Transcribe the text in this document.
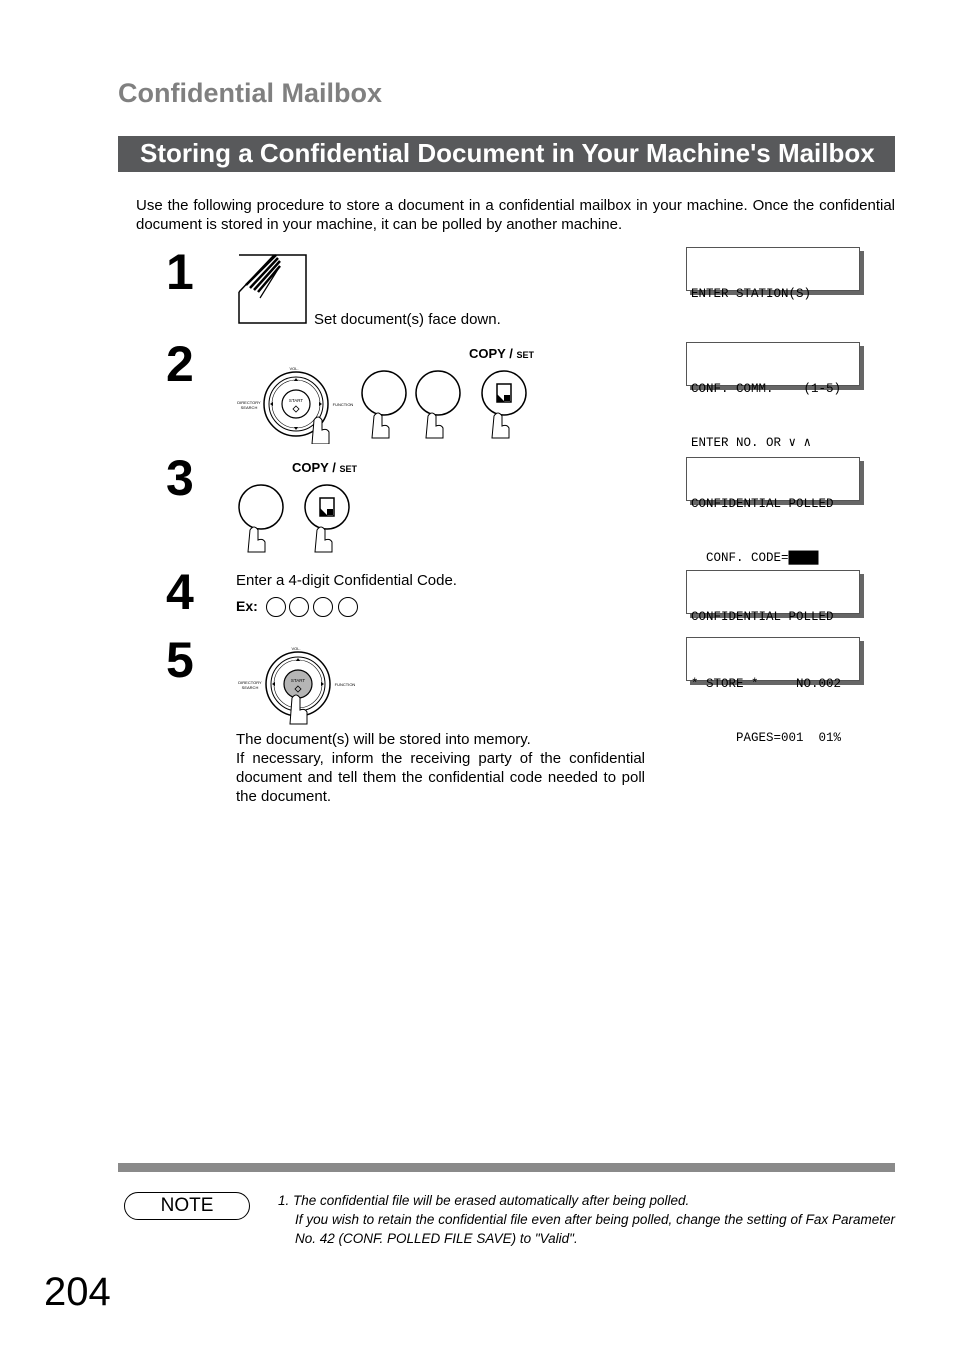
Confidential Mailbox
Storing a Confidential Document in Your Machine's Mailbox
Use the following procedure to store a document in a confidential mailbox in your machine. Once the confidential document is stored in your machine, it can be polled by another machine.
1
Set document(s) face down.

ENTER STATION(S)

2
START
VOL.
DIRECTORY
SEARCH
FUNCTION
COPY / SET

CONF. COMM.    (1-5)

ENTER NO. OR ∨ ∧

3	COPY / SET

CONFIDENTIAL POLLED

CONF. CODE=████

4	Enter a 4-digit Confidential Code.
Ex:

CONFIDENTIAL POLLED

5	START
VOL.
DIRECTORY
SEARCH
FUNCTION

	* STORE *     NO.002

PAGES=001  01%

The document(s) will be stored into memory.
If necessary, inform the receiving party of the confidential document and tell them the confidential code needed to poll the document.
NOTE	1. The confidential file will be erased automatically after being polled.
If you wish to retain the confidential file even after being polled, change the setting of Fax Parameter No. 42 (CONF. POLLED FILE SAVE) to "Valid".
204
